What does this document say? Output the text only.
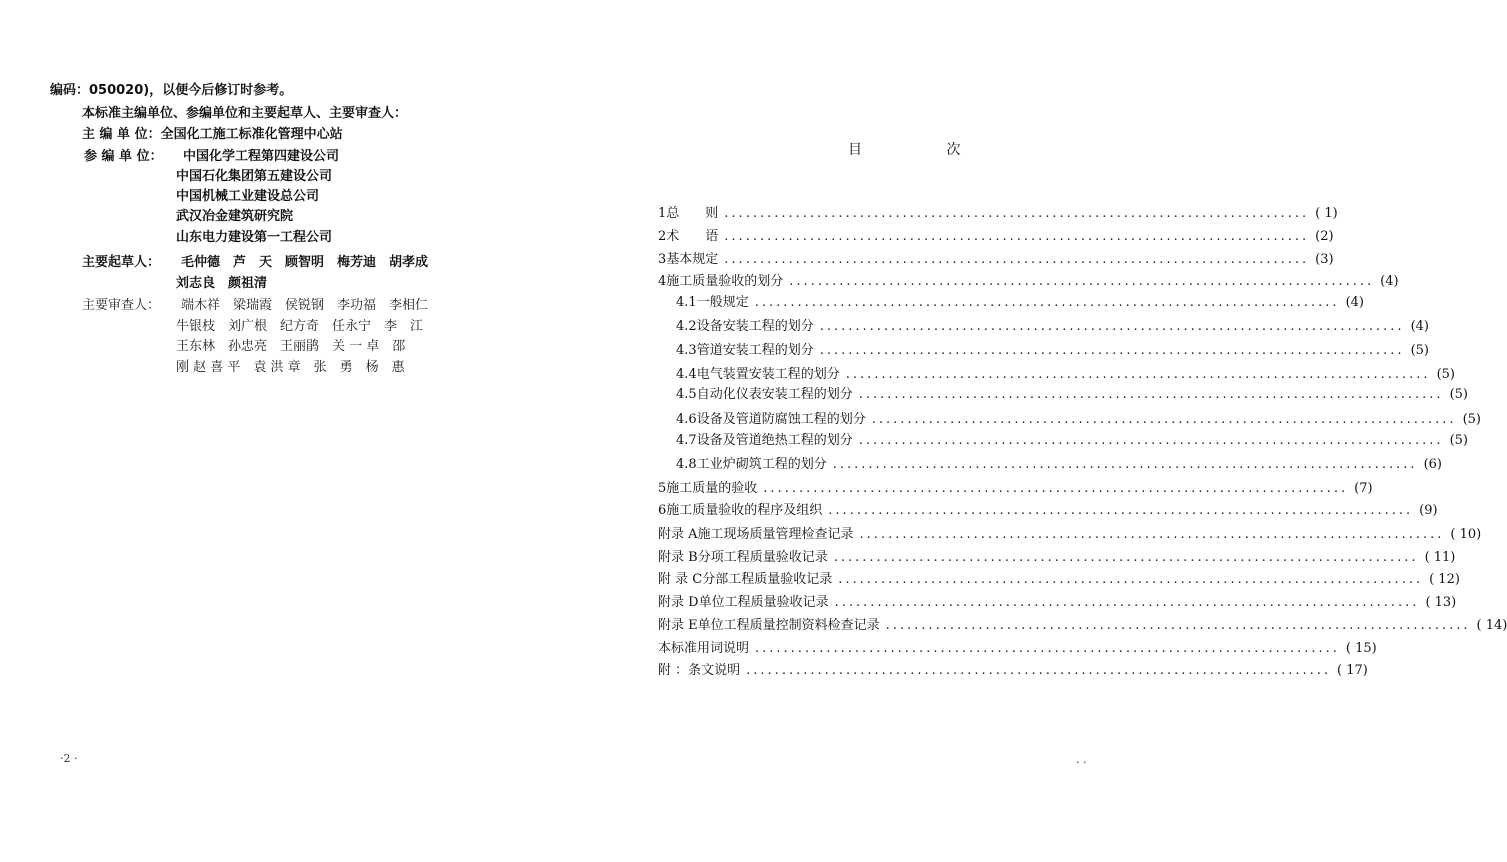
编码：050020)，以便今后修订时参考。
本标准主编单位、参编单位和主要起草人、主要审查人：
主 编 单 位：全国化工施工标准化管理中心站
参 编 单 位： 中国化学工程第四建设公司
中国石化集团第五建设公司
中国机械工业建设总公司
武汉冶金建筑研究院
山东电力建设第一工程公司
主要起草人： 毛仲德　芦　天　顾智明　梅芳迪　胡孝成
刘志良　颜祖清
主要审查人： 端木祥　梁瑞霞　侯锐钢　李功福　李相仁
牛银枝　刘广根　纪方奇　任永宁　李　江
王东林　孙忠亮　王丽鹃　关 一 卓　邵
刚 赵 喜 平　袁 洪 章　张　勇　杨　惠
·2 ·
目 次
1 总　　则 .................................................................................. ( 1)
2 术　　语 .................................................................................. (2)
3 基本规定 .................................................................................. (3)
4 施工质量验收的划分 .................................................................................. (4)
4.1 一般规定 .................................................................................. (4)
4.2 设备安装工程的划分 .................................................................................. (4)
4.3 管道安装工程的划分 .................................................................................. (5)
4.4 电气装置安装工程的划分 .................................................................................. (5)
4.5 自动化仪表安装工程的划分 .................................................................................. (5)
4.6 设备及管道防腐蚀工程的划分 .................................................................................. (5)
4.7 设备及管道绝热工程的划分 .................................................................................. (5)
4.8 工业炉砌筑工程的划分 .................................................................................. (6)
5 施工质量的验收 .................................................................................. (7)
6 施工质量验收的程序及组织 .................................................................................. (9)
附录 A 施工现场质量管理检查记录 .................................................................................. ( 10)
附录 B 分项工程质量验收记录 .................................................................................. ( 11)
附 录 C 分部工程质量验收记录 .................................................................................. ( 12)
附录 D 单位工程质量验收记录 .................................................................................. ( 13)
附录 E 单位工程质量控制资料检查记录 .................................................................................. ( 14)
本标准用词说明 .................................................................................. ( 15)
附 ： 条文说明 .................................................................................. ( 17)
· ·
